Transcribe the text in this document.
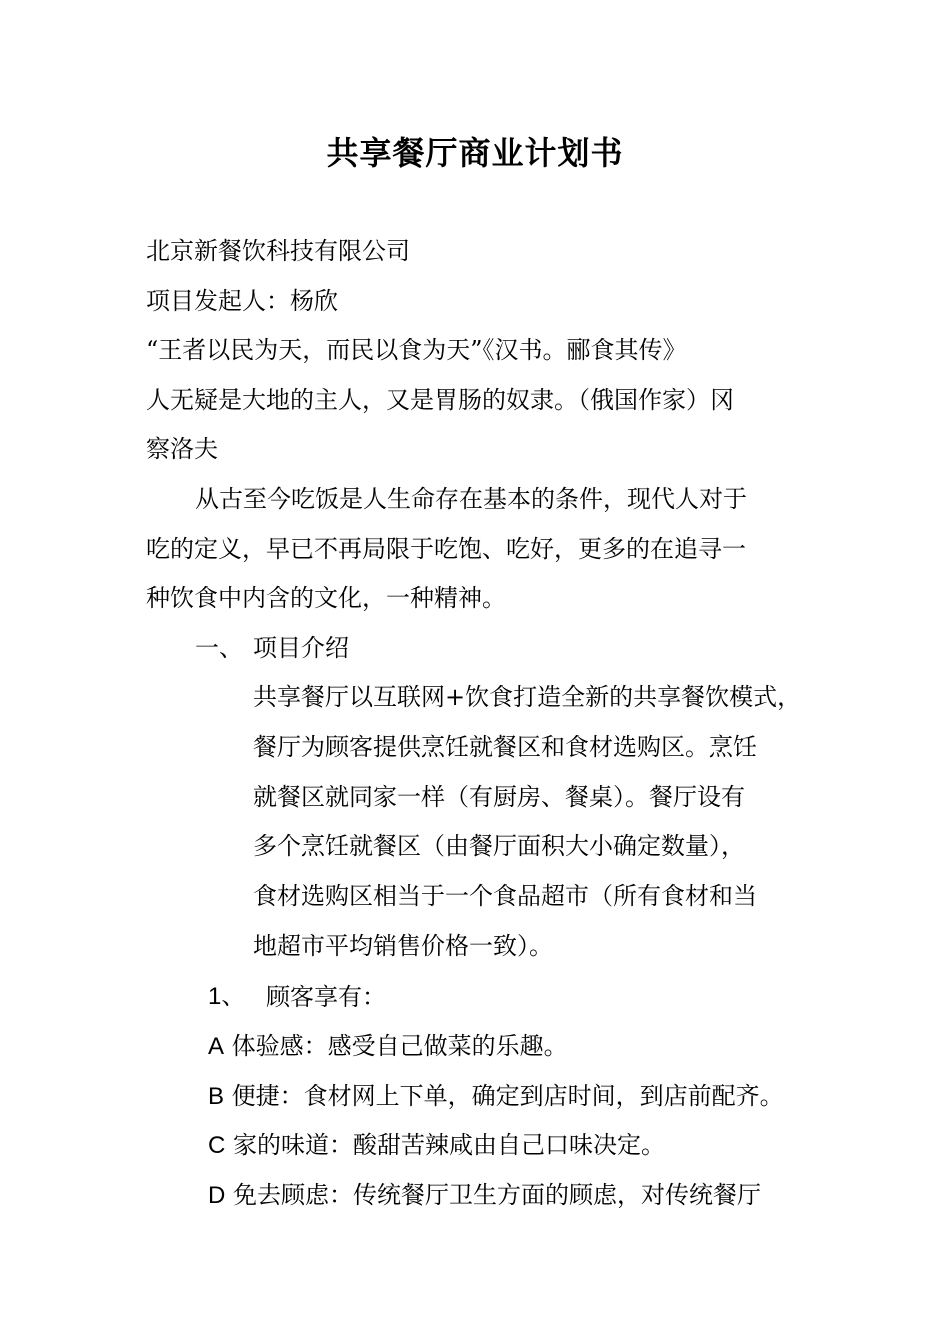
共享餐厅商业计划书
北京新餐饮科技有限公司
项目发起人：杨欣
“王者以民为天，而民以食为天”《汉书。郦食其传》
人无疑是大地的主人，又是胃肠的奴隶。（俄国作家）冈
察洛夫
从古至今吃饭是人生命存在基本的条件，现代人对于
吃的定义，早已不再局限于吃饱、吃好，更多的在追寻一
种饮食中内含的文化，一种精神。
一、 项目介绍
共享餐厅以互联网+饮食打造全新的共享餐饮模式，
餐厅为顾客提供烹饪就餐区和食材选购区。烹饪
就餐区就同家一样（有厨房、餐桌）。餐厅设有
多个烹饪就餐区（由餐厅面积大小确定数量），
食材选购区相当于一个食品超市（所有食材和当
地超市平均销售价格一致）。
1、 顾客享有：
A 体验感：感受自己做菜的乐趣。
B 便捷：食材网上下单，确定到店时间，到店前配齐。
C 家的味道：酸甜苦辣咸由自己口味决定。
D 免去顾虑：传统餐厅卫生方面的顾虑，对传统餐厅
